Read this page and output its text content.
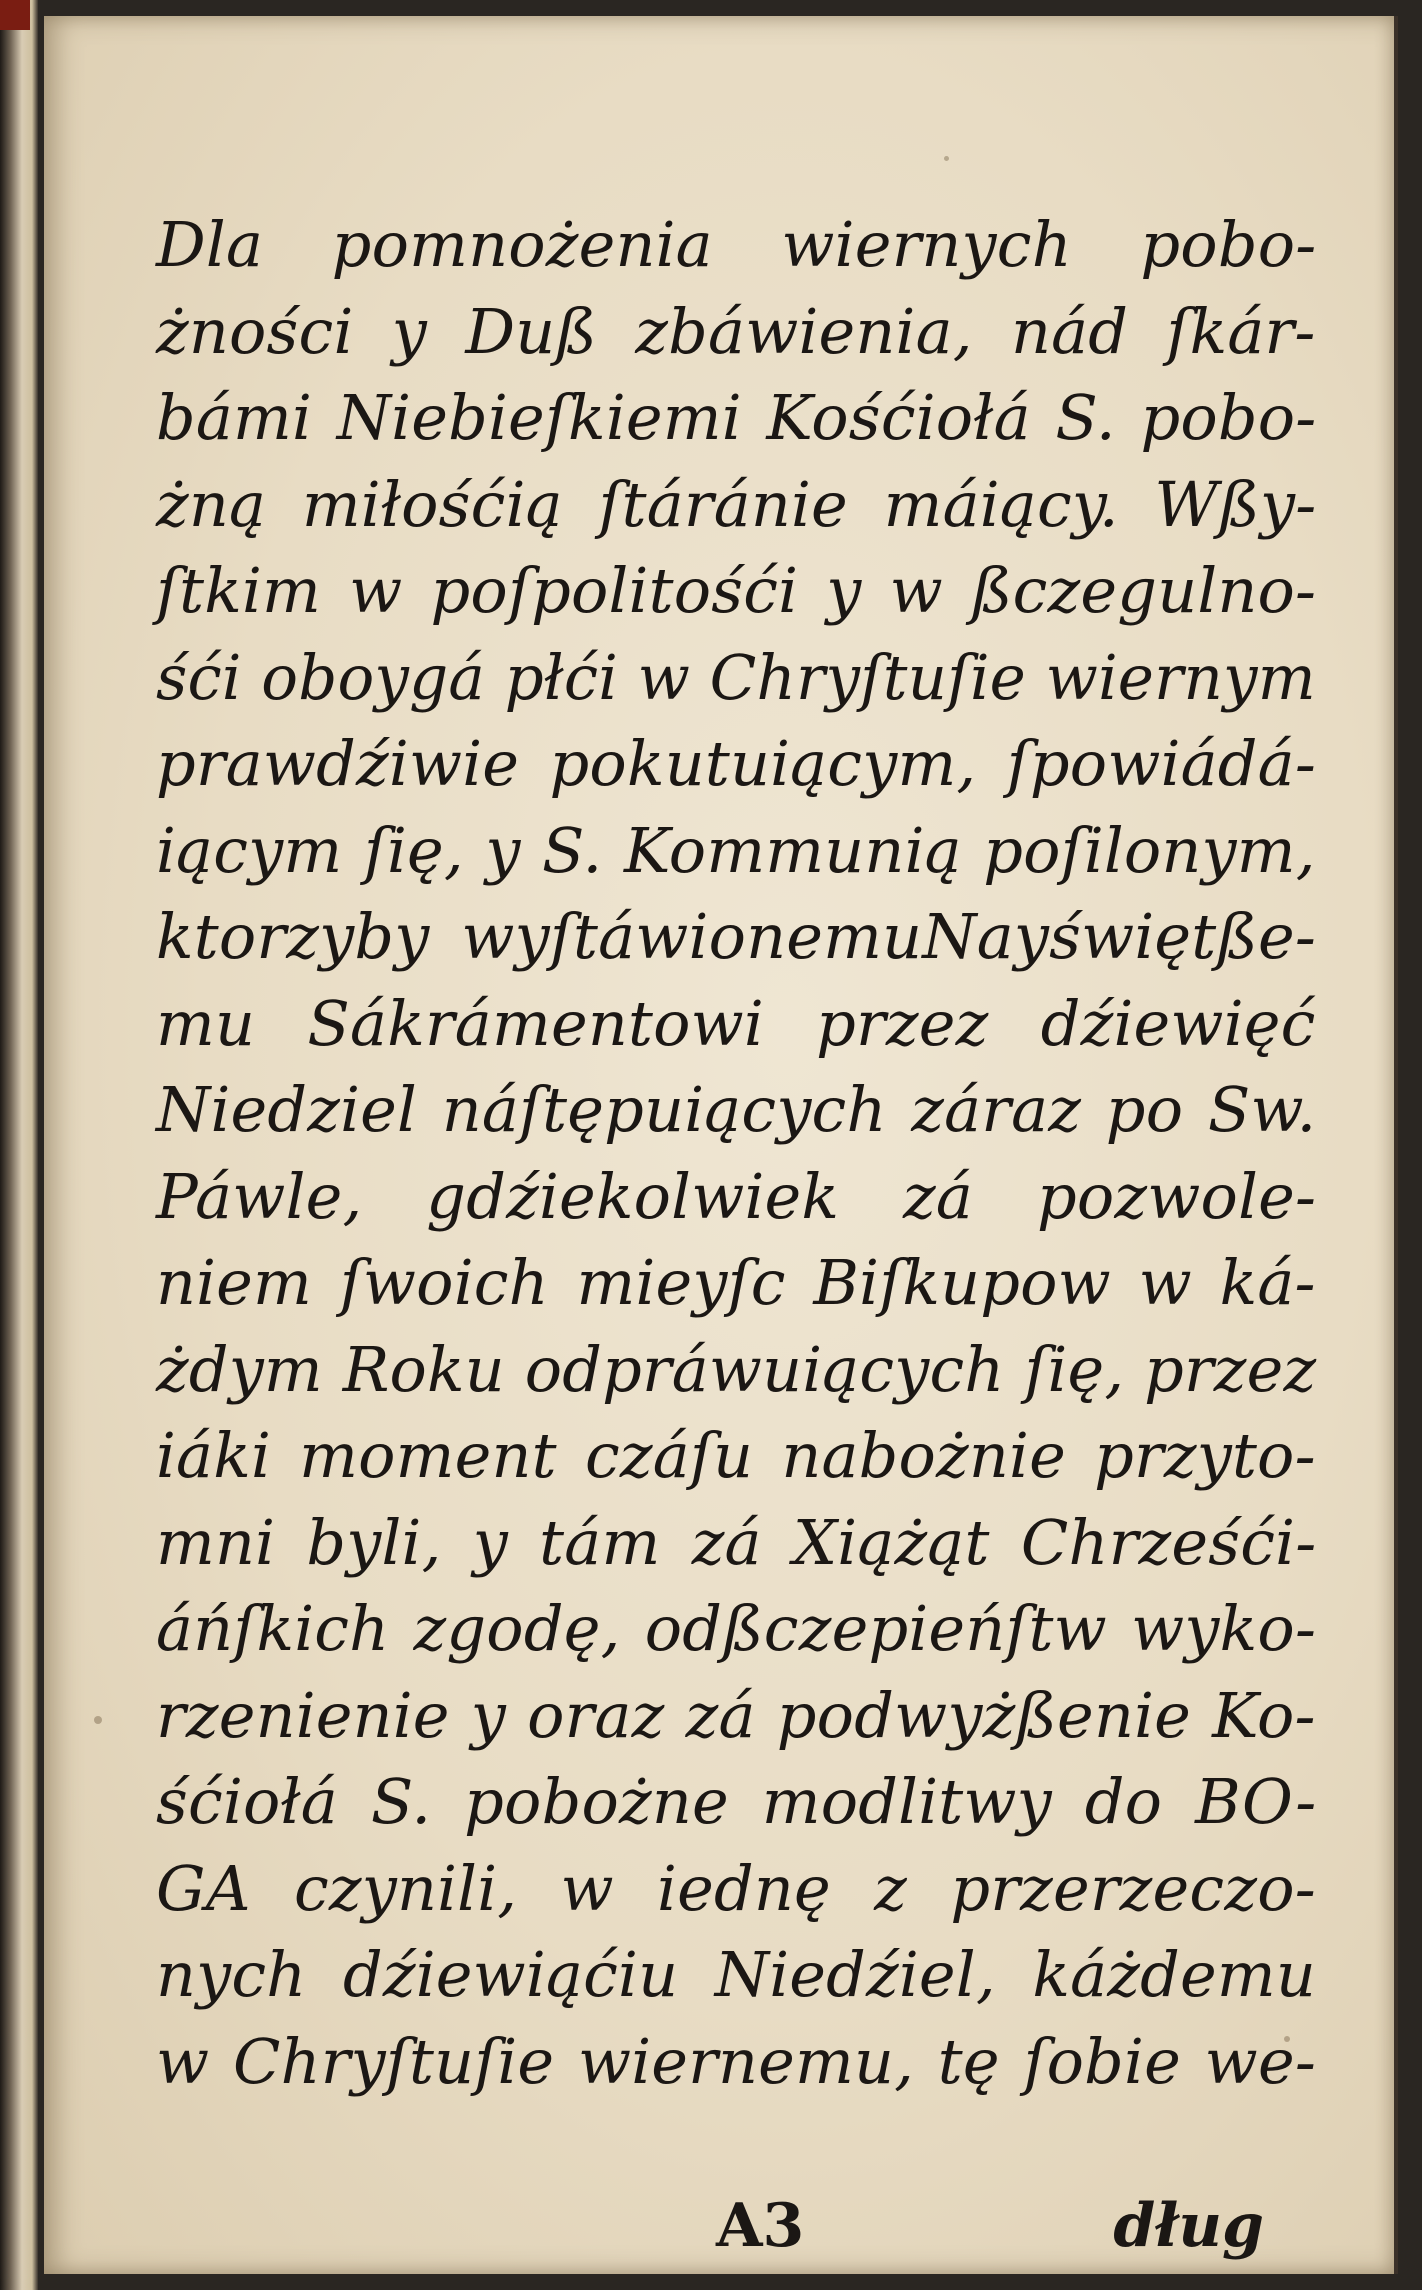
Dla pomnożenia wiernych pobo-
żności y Duß zbáwienia, nád ſkár-
bámi Niebieſkiemi Kośćiołá S. pobo-
żną miłośćią ſtáránie máiący. Wßy-
ſtkim w poſpolitośći y w ßczegulno-
śći oboygá płći w Chryſtuſie wiernym
prawdźiwie pokutuiącym, ſpowiádá-
iącym ſię, y S. Kommunią poſilonym,
ktorzyby wyſtáwionemuNayświętße-
mu Sákrámentowi przez dźiewięć
Niedziel náſtępuiących záraz po Sw.
Páwle, gdźiekolwiek zá pozwole-
niem ſwoich mieyſc Biſkupow w ká-
żdym Roku odpráwuiących ſię, przez
iáki moment czáſu nabożnie przyto-
mni byli, y tám zá Xiążąt Chrześći-
áńſkich zgodę, odßczepieńſtw wyko-
rzenienie y oraz zá podwyżßenie Ko-
śćiołá S. pobożne modlitwy do BO-
GA czynili, w iednę z przerzeczo-
nych dźiewiąćiu Niedźiel, káżdemu
w Chryſtuſie wiernemu, tę ſobie we-
A3	dług
